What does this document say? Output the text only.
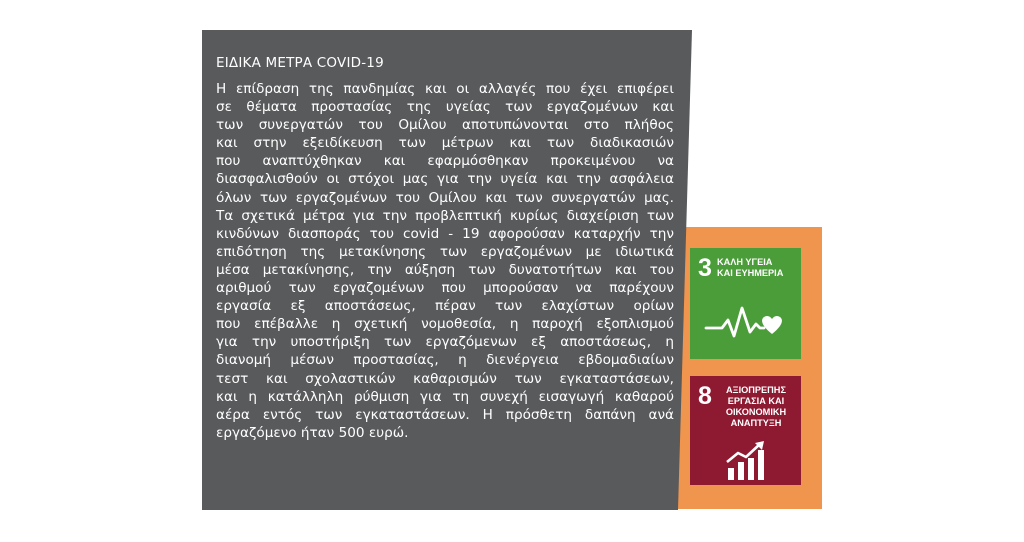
ΕΙΔΙΚΑ ΜΕΤΡΑ COVID-19

Η επίδραση της πανδημίας και οι αλλαγές που έχει επιφέρει

σε θέματα προστασίας της υγείας των εργαζομένων και

των συνεργατών του Ομίλου αποτυπώνονται στο πλήθος

και στην εξειδίκευση των μέτρων και των διαδικασιών

που αναπτύχθηκαν και εφαρμόσθηκαν προκειμένου να

διασφαλισθούν οι στόχοι μας για την υγεία και την ασφάλεια

όλων των εργαζομένων του Ομίλου και των συνεργατών μας.

Τα σχετικά μέτρα για την προβλεπτική κυρίως διαχείριση των

κινδύνων διασποράς του covid - 19 αφορούσαν καταρχήν την

επιδότηση της μετακίνησης των εργαζομένων με ιδιωτικά

μέσα μετακίνησης, την αύξηση των δυνατοτήτων και του

αριθμού των εργαζομένων που μπορούσαν να παρέχουν

εργασία εξ αποστάσεως, πέραν των ελαχίστων ορίων

που επέβαλλε η σχετική νομοθεσία, η παροχή εξοπλισμού

για την υποστήριξη των εργαζόμενων εξ αποστάσεως, η

διανομή μέσων προστασίας, η διενέργεια εβδομαδιαίων

τεστ και σχολαστικών καθαρισμών των εγκαταστάσεων,

και η κατάλληλη ρύθμιση για τη συνεχή εισαγωγή καθαρού

αέρα εντός των εγκαταστάσεων. Η πρόσθετη δαπάνη ανά

εργαζόμενο ήταν 500 ευρώ.

3 ΚΑΛΗ ΥΓΕΙΑ
ΚΑΙ ΕΥΗΜΕΡΙΑ
8	ΑΞΙΟΠΡΕΠΗΣ
ΕΡΓΑΣΙΑ ΚΑΙ
ΟΙΚΟΝΟΜΙΚΗ
ΑΝΑΠΤΥΞΗ
